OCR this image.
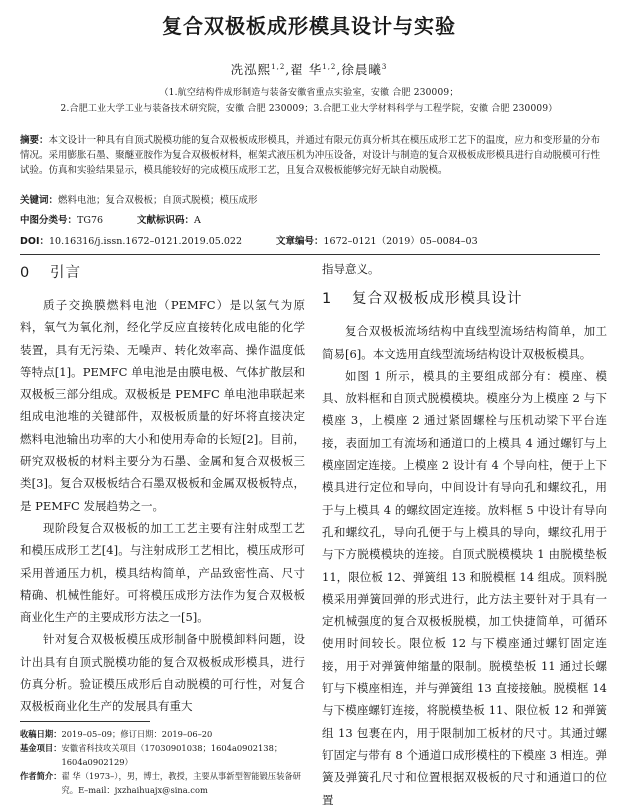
复合双极板成形模具设计与实验
冼泓熙$^{1,2}$,翟 华$^{1,2}$,徐晨曦$^3$
（1.航空结构件成形制造与装备安徽省重点实验室，安徽 合肥 230009；
2.合肥工业大学工业与装备技术研究院，安徽 合肥 230009；3.合肥工业大学材料科学与工程学院，安徽 合肥 230009）

摘要：本文设计一种具有自顶式脱模功能的复合双极板成形模具，并通过有限元仿真分析其在模压成形工艺下的温度，应力和变形量的分布情况。采用膨胀石墨、聚醚亚胺作为复合双极板材料，框架式液压机为冲压设备，对设计与制造的复合双极板成形模具进行自动脱模可行性试验。仿真和实验结果显示，模具能较好的完成模压成形工艺，且复合双极板能够完好无缺自动脱模。

关键词：燃料电池；复合双极板；自顶式脱模；模压成形
中图分类号：TG76	文献标识码：A
DOI：10.16316/j.issn.1672–0121.2019.05.022	文章编号：1672–0121（2019）05–0084–03
0 引言

质子交换膜燃料电池（PEMFC）是以氢气为原料，氧气为氧化剂，经化学反应直接转化成电能的化学装置，具有无污染、无噪声、转化效率高、操作温度低等特点[1]。PEMFC 单电池是由膜电极、气体扩散层和双极板三部分组成。双极板是 PEMFC 单电池串联起来组成电池堆的关键部件，双极板质量的好坏将直接决定燃料电池输出功率的大小和使用寿命的长短[2]。目前，研究双极板的材料主要分为石墨、金属和复合双极板三类[3]。复合双极板结合石墨双极板和金属双极板特点，是 PEMFC 发展趋势之一。

现阶段复合双极板的加工工艺主要有注射成型工艺和模压成形工艺[4]。与注射成形工艺相比，模压成形可采用普通压力机，模具结构简单，产品致密性高、尺寸精确、机械性能好。可将模压成形方法作为复合双极板商业化生产的主要成形方法之一[5]。

针对复合双极板模压成形制备中脱模卸料问题，设计出具有自顶式脱模功能的复合双极板成形模具，进行仿真分析。验证模压成形后自动脱模的可行性，对复合双极板商业化生产的发展具有重大

指导意义。

1 复合双极板成形模具设计

复合双极板流场结构中直线型流场结构简单，加工简易[6]。本文选用直线型流场结构设计双极板模具。

如图 1 所示，模具的主要组成部分有：模座、模具、放料框和自顶式脱模模块。模座分为上模座 2 与下模座 3，上模座 2 通过紧固螺栓与压机动梁下平台连接，表面加工有流场和通道口的上模具 4 通过螺钉与上模座固定连接。上模座 2 设计有 4 个导向柱，便于上下模具进行定位和导向，中间设计有导向孔和螺纹孔，用于与上模具 4 的螺纹固定连接。放料框 5 中设计有导向孔和螺纹孔，导向孔便于与上模具的导向，螺纹孔用于与下方脱模模块的连接。自顶式脱模模块 1 由脱模垫板 11，限位板 12、弹簧组 13 和脱模框 14 组成。顶料脱模采用弹簧回弹的形式进行，此方法主要针对于具有一定机械强度的复合双极板脱模，加工快捷简单，可循环使用时间较长。限位板 12 与下模座通过螺钉固定连接，用于对弹簧伸缩量的限制。脱模垫板 11 通过长螺钉与下模座相连，并与弹簧组 13 直接接触。脱模框 14 与下模座螺钉连接，将脱模垫板 11、限位板 12 和弹簧组 13 包裹在内，用于限制加工板材的尺寸。其通过螺钉固定与带有 8 个通道口成形模柱的下模座 3 相连。弹簧及弹簧孔尺寸和位置根据双极板的尺寸和通道口的位置

收稿日期： 2019–05–09；修订日期：2019–06–20
基金项目： 安徽省科技攻关项目（17030901038；1604a0902138；1604a0902129）
作者简介： 翟 华（1973–），男，博士，教授，主要从事新型智能锻压装备研究。E–mail：jxzhaihuajx@sina.com
